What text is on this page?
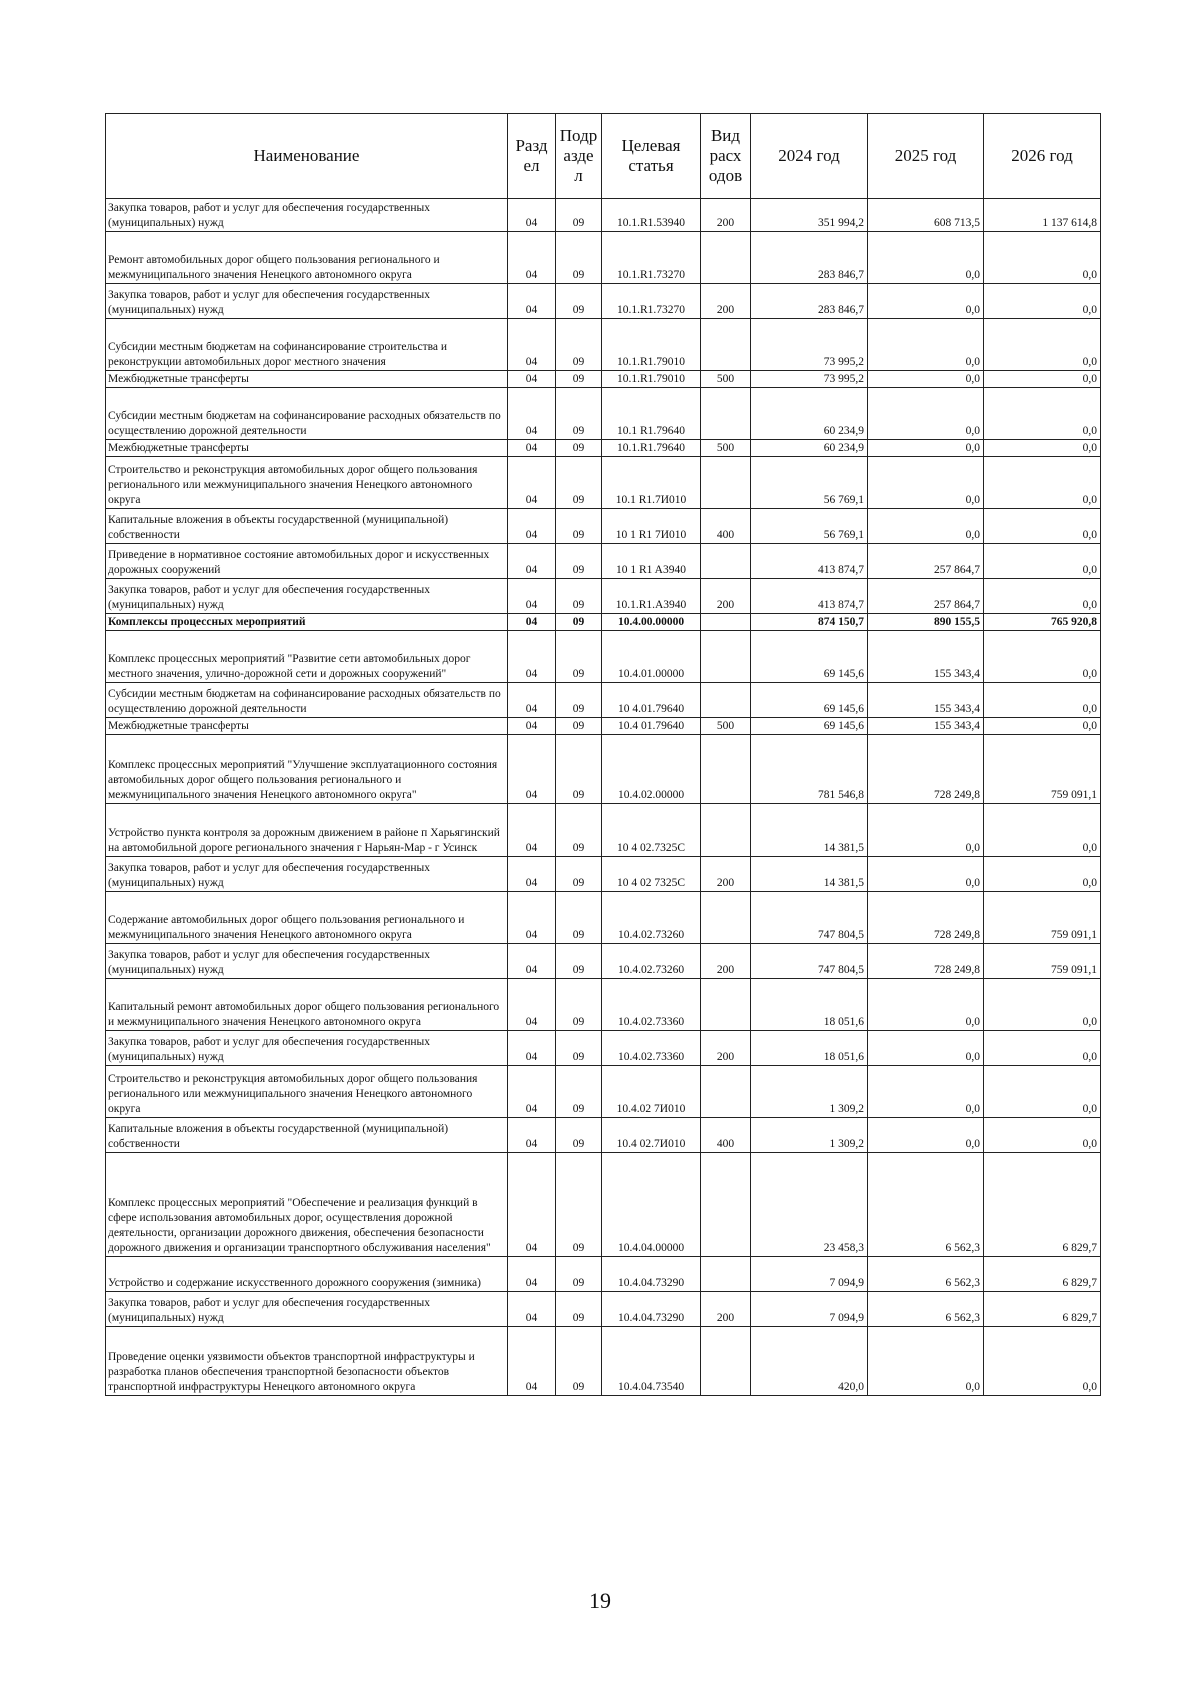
Наименование	Разд ел	Подр азде л	Целевая статья	Вид расх одов	2024 год	2025 год	2026 год
Закупка товаров, работ и услуг для обеспечения государственных (муниципальных) нужд	04	09	10.1.R1.53940	200	351 994,2	608 713,5	1 137 614,8
Ремонт автомобильных дорог общего пользования регионального и межмуниципального значения Ненецкого автономного округа	04	09	10.1.R1.73270		283 846,7	0,0	0,0
Закупка товаров, работ и услуг для обеспечения государственных (муниципальных) нужд	04	09	10.1.R1.73270	200	283 846,7	0,0	0,0
Субсидии местным бюджетам на софинансирование строительства и реконструкции автомобильных дорог местного значения	04	09	10.1.R1.79010		73 995,2	0,0	0,0
Межбюджетные трансферты	04	09	10.1.R1.79010	500	73 995,2	0,0	0,0
Субсидии местным бюджетам на софинансирование расходных обязательств по осуществлению дорожной деятельности	04	09	10.1 R1.79640		60 234,9	0,0	0,0
Межбюджетные трансферты	04	09	10.1.R1.79640	500	60 234,9	0,0	0,0
Строительство и реконструкция автомобильных дорог общего пользования регионального или межмуниципального значения Ненецкого автономного округа	04	09	10.1 R1.7И010		56 769,1	0,0	0,0
Капитальные вложения в объекты государственной (муниципальной) собственности	04	09	10 1 R1 7И010	400	56 769,1	0,0	0,0
Приведение в нормативное состояние автомобильных дорог и искусственных дорожных сооружений	04	09	10 1 R1 A3940		413 874,7	257 864,7	0,0
Закупка товаров, работ и услуг для обеспечения государственных (муниципальных) нужд	04	09	10.1.R1.A3940	200	413 874,7	257 864,7	0,0
Комплексы процессных мероприятий	04	09	10.4.00.00000		874 150,7	890 155,5	765 920,8
Комплекс процессных мероприятий "Развитие сети автомобильных дорог местного значения, улично-дорожной сети и дорожных сооружений"	04	09	10.4.01.00000		69 145,6	155 343,4	0,0
Субсидии местным бюджетам на софинансирование расходных обязательств по осуществлению дорожной деятельности	04	09	10 4.01.79640		69 145,6	155 343,4	0,0
Межбюджетные трансферты	04	09	10.4 01.79640	500	69 145,6	155 343,4	0,0
Комплекс процессных мероприятий "Улучшение эксплуатационного состояния автомобильных дорог общего пользования регионального и межмуниципального значения Ненецкого автономного округа"	04	09	10.4.02.00000		781 546,8	728 249,8	759 091,1
Устройство пункта контроля за дорожным движением в районе п Харьягинский на автомобильной дороге регионального значения г Нарьян-Мар - г Усинск	04	09	10 4 02.7325C		14 381,5	0,0	0,0
Закупка товаров, работ и услуг для обеспечения государственных (муниципальных) нужд	04	09	10 4 02 7325C	200	14 381,5	0,0	0,0
Содержание автомобильных дорог общего пользования регионального и межмуниципального значения Ненецкого автономного округа	04	09	10.4.02.73260		747 804,5	728 249,8	759 091,1
Закупка товаров, работ и услуг для обеспечения государственных (муниципальных) нужд	04	09	10.4.02.73260	200	747 804,5	728 249,8	759 091,1
Капитальный ремонт автомобильных дорог общего пользования регионального и межмуниципального значения Ненецкого автономного округа	04	09	10.4.02.73360		18 051,6	0,0	0,0
Закупка товаров, работ и услуг для обеспечения государственных (муниципальных) нужд	04	09	10.4.02.73360	200	18 051,6	0,0	0,0
Строительство и реконструкция автомобильных дорог общего пользования регионального или межмуниципального значения Ненецкого автономного округа	04	09	10.4.02 7И010		1 309,2	0,0	0,0
Капитальные вложения в объекты государственной (муниципальной) собственности	04	09	10.4 02.7И010	400	1 309,2	0,0	0,0
Комплекс процессных мероприятий "Обеспечение и реализация функций в сфере использования автомобильных дорог, осуществления дорожной деятельности, организации дорожного движения, обеспечения безопасности дорожного движения и организации транспортного обслуживания населения"	04	09	10.4.04.00000		23 458,3	6 562,3	6 829,7
Устройство и содержание искусственного дорожного сооружения (зимника)	04	09	10.4.04.73290		7 094,9	6 562,3	6 829,7
Закупка товаров, работ и услуг для обеспечения государственных (муниципальных) нужд	04	09	10.4.04.73290	200	7 094,9	6 562,3	6 829,7
Проведение оценки уязвимости объектов транспортной инфраструктуры и разработка планов обеспечения транспортной безопасности объектов транспортной инфраструктуры Ненецкого автономного округа	04	09	10.4.04.73540		420,0	0,0	0,0
19
